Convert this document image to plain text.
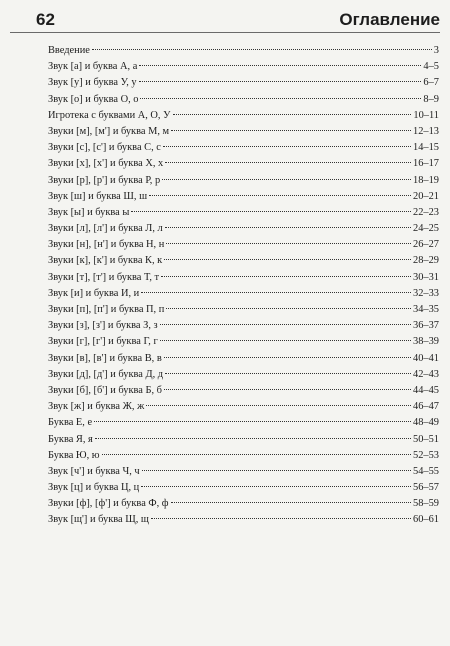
62	Оглавление
Введение	3
Звук [а] и буква А, а	4–5
Звук [у] и буква У, у	6–7
Звук [о] и буква О, о	8–9
Игротека с буквами А, О, У	10–11
Звуки [м], [м'] и буква М, м	12–13
Звуки [с], [с'] и буква С, с	14–15
Звуки [х], [х'] и буква Х, х	16–17
Звуки [р], [р'] и буква Р, р	18–19
Звук [ш] и буква Ш, ш	20–21
Звук [ы] и буква ы	22–23
Звуки [л], [л'] и буква Л, л	24–25
Звуки [н], [н'] и буква Н, н	26–27
Звуки [к], [к'] и буква К, к	28–29
Звуки [т], [т'] и буква Т, т	30–31
Звук [и] и буква И, и	32–33
Звуки [п], [п'] и буква П, п	34–35
Звуки [з], [з'] и буква З, з	36–37
Звуки [г], [г'] и буква Г, г	38–39
Звуки [в], [в'] и буква В, в	40–41
Звуки [д], [д'] и буква Д, д	42–43
Звуки [б], [б'] и буква Б, б	44–45
Звук [ж] и буква Ж, ж	46–47
Буква Е, е	48–49
Буква Я, я	50–51
Буква Ю, ю	52–53
Звук [ч'] и буква Ч, ч	54–55
Звук [ц] и буква Ц, ц	56–57
Звуки [ф], [ф'] и буква Ф, ф	58–59
Звук [щ'] и буква Щ, щ	60–61
